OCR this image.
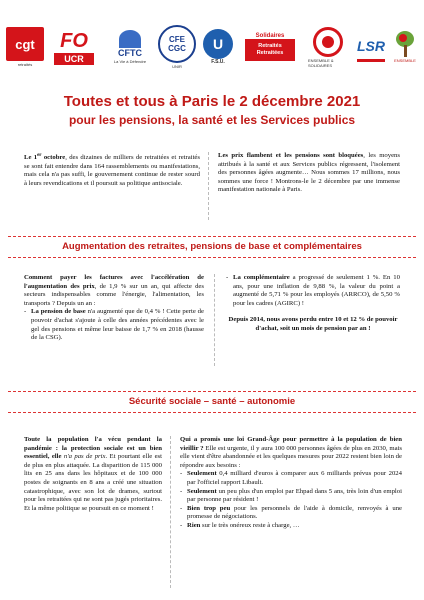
cgt
retraités
FO
UCR
CFTC
La Vie à Défendre
CFE CGC
UNIR
U
F.S.U.
Solidaires
Retraités Retraitées
ENSEMBLE & SOLIDAIRES
LSR
ENSEMBLE
Toutes et tous à Paris le 2 décembre 2021
pour les pensions, la santé et les Services publics

Le 1er octobre, des dizaines de milliers de retraitées et retraités se sont fait entendre dans 164 rassemblements ou manifestations, mais cela n'a pas suffi, le gouvernement continue de rester sourd à leurs revendications et il poursuit sa politique antisociale.

Les prix flambent et les pensions sont bloquées, les moyens attribués à la santé et aux Services publics régressent, l'isolement des personnes âgées augmente… Nous sommes 17 millions, nous sommes une force ! Montrons-le le 2 décembre par une immense manifestation nationale à Paris.

Augmentation des retraites, pensions de base et complémentaires

Comment payer les factures avec l'accélération de l'augmentation des prix, de 1,9 % sur un an, qui affecte des secteurs indispensables comme l'énergie, l'alimentation, les transports ? Depuis un an :

- La pension de base n'a augmenté que de 0,4 % ! Cette perte de pouvoir d'achat s'ajoute à celle des années précédentes avec le gel des pensions et même leur baisse de 1,7 % en 2018 (hausse de la CSG).
- La complémentaire a progressé de seulement 1 %. En 10 ans, pour une inflation de 9,88 %, la valeur du point a augmenté de 5,71 % pour les employés (ARRCO), de 5,50 % pour les cadres (AGIRC) !

Depuis 2014, nous avons perdu entre 10 et 12 % de pouvoir d'achat, soit un mois de pension par an !

Sécurité sociale – santé – autonomie

Toute la population l'a vécu pendant la pandémie : la protection sociale est un bien essentiel, elle n'a pas de prix. Et pourtant elle est de plus en plus attaquée. La disparition de 115 000 lits en 25 ans dans les hôpitaux et de 100 000 postes de soignants en 8 ans a créé une situation catastrophique, avec son lot de drames, surtout pour les retraitées qui ne sont pas jugés prioritaires. Et la même politique se poursuit en ce moment !

Qui a promis une loi Grand-Âge pour permettre à la population de bien vieillir ? Elle est urgente, il y aura 100 000 personnes âgées de plus en 2030, mais elle vient d'être abandonnée et les quelques mesures pour 2022 restent bien loin de répondre aux besoins :

- Seulement 0,4 milliard d'euros à comparer aux 6 milliards prévus pour 2024 par l'officiel rapport Libault.
- Seulement un peu plus d'un emploi par Ehpad dans 5 ans, très loin d'un emploi par personne par résident !
- Bien trop peu pour les personnels de l'aide à domicile, renvoyés à une promesse de négociations.
- Rien sur le très onéreux reste à charge, …
